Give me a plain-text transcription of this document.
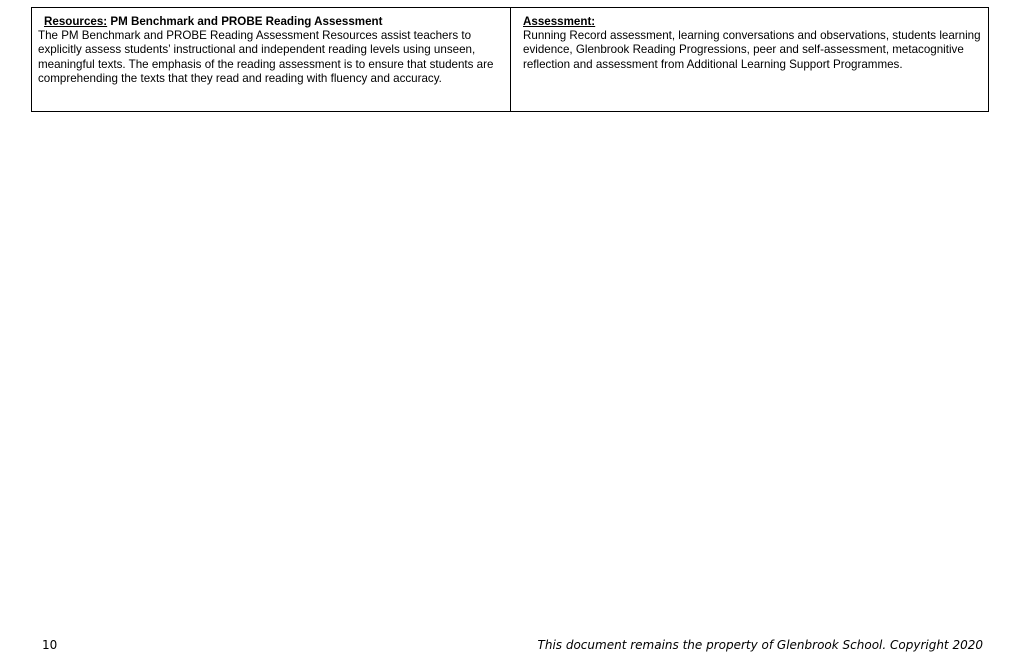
Resources: PM Benchmark and PROBE Reading Assessment

The PM Benchmark and PROBE Reading Assessment Resources assist teachers to explicitly assess students’ instructional and independent reading levels using unseen, meaningful texts. The emphasis of the reading assessment is to ensure that students are comprehending the texts that they read and reading with fluency and accuracy.

Assessment:

Running Record assessment, learning conversations and observations, students learning evidence, Glenbrook Reading Progressions, peer and self-assessment, metacognitive reflection and assessment from Additional Learning Support Programmes.

10	This document remains the property of Glenbrook School. Copyright 2020
